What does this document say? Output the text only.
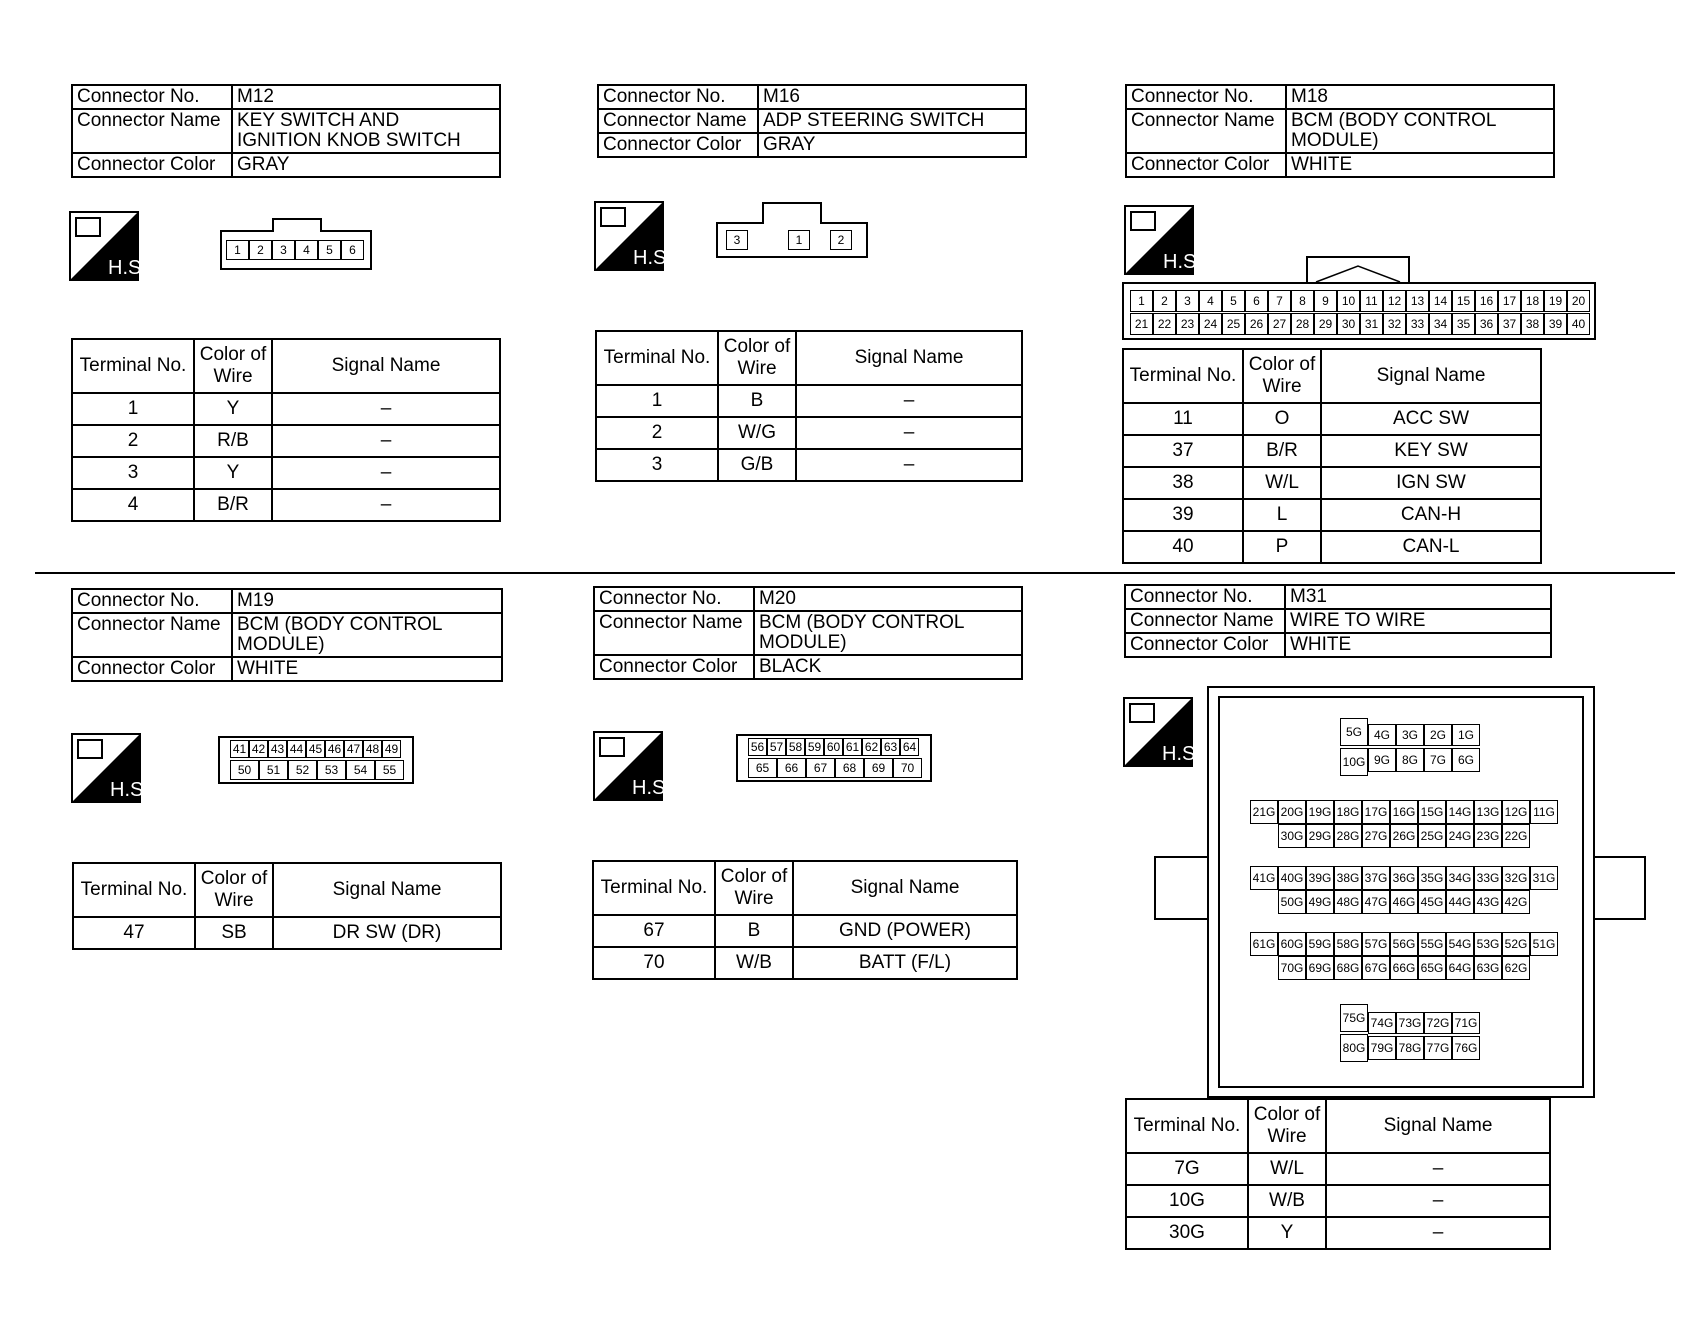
Connector No.	M12
Connector Name	KEY SWITCH AND
IGNITION KNOB SWITCH

Connector Color	GRAY
H.S.
1	2	3	4	5	6
Terminal No.	Color of Wire	Signal Name
1	Y	–
2	R/B	–
3	Y	–
4	B/R	–
Connector No.	M16
Connector Name	ADP STEERING SWITCH
Connector Color	GRAY
H.S.
3	1	2
Terminal No.	Color of Wire	Signal Name
1	B	–
2	W/G	–
3	G/B	–
Connector No.	M18
Connector Name	BCM (BODY CONTROL
MODULE)

Connector Color	WHITE
H.S.
1	2	3	4	5	6	7	8	9	10 11 12 13 14 15 16 17 18 19 20
21 22 23 24 25 26 27 28 29 30 31 32 33 34 35 36 37 38 39 40
Terminal No.	Color of Wire	Signal Name
11	O	ACC SW
37	B/R	KEY SW
38	W/L	IGN SW
39	L	CAN-H
40	P	CAN-L
Connector No.	M19
Connector Name	BCM (BODY CONTROL
MODULE)

Connector Color	WHITE
H.S.
41 42 43 44 45 46 47 48 49
50	51	52	53	54	55
Terminal No.	Color of Wire	Signal Name
47	SB	DR SW (DR)
Connector No.	M20
Connector Name	BCM (BODY CONTROL
MODULE)

Connector Color	BLACK
H.S.
56 57 58 59 60 61 62 63 64
65	66	67	68	69	70
Terminal No.	Color of Wire	Signal Name
67	B	GND (POWER)
70	W/B	BATT (F/L)
Connector No.	M31
Connector Name	WIRE TO WIRE
Connector Color	WHITE
H.S.
5G
10G
4G 3G 2G 1G
9G 8G 7G 6G
21G 20G 19G 18G 17G 16G 15G 14G 13G 12G 11G
30G 29G 28G 27G 26G 25G 24G 23G 22G
41G 40G 39G 38G 37G 36G 35G 34G 33G 32G 31G
50G 49G 48G 47G 46G 45G 44G 43G 42G
61G 60G 59G 58G 57G 56G 55G 54G 53G 52G 51G
70G 69G 68G 67G 66G 65G 64G 63G 62G
75G
80G
74G 73G 72G 71G
79G 78G 77G 76G
Terminal No.	Color of Wire	Signal Name
7G	W/L	–
10G	W/B	–
30G	Y	–
